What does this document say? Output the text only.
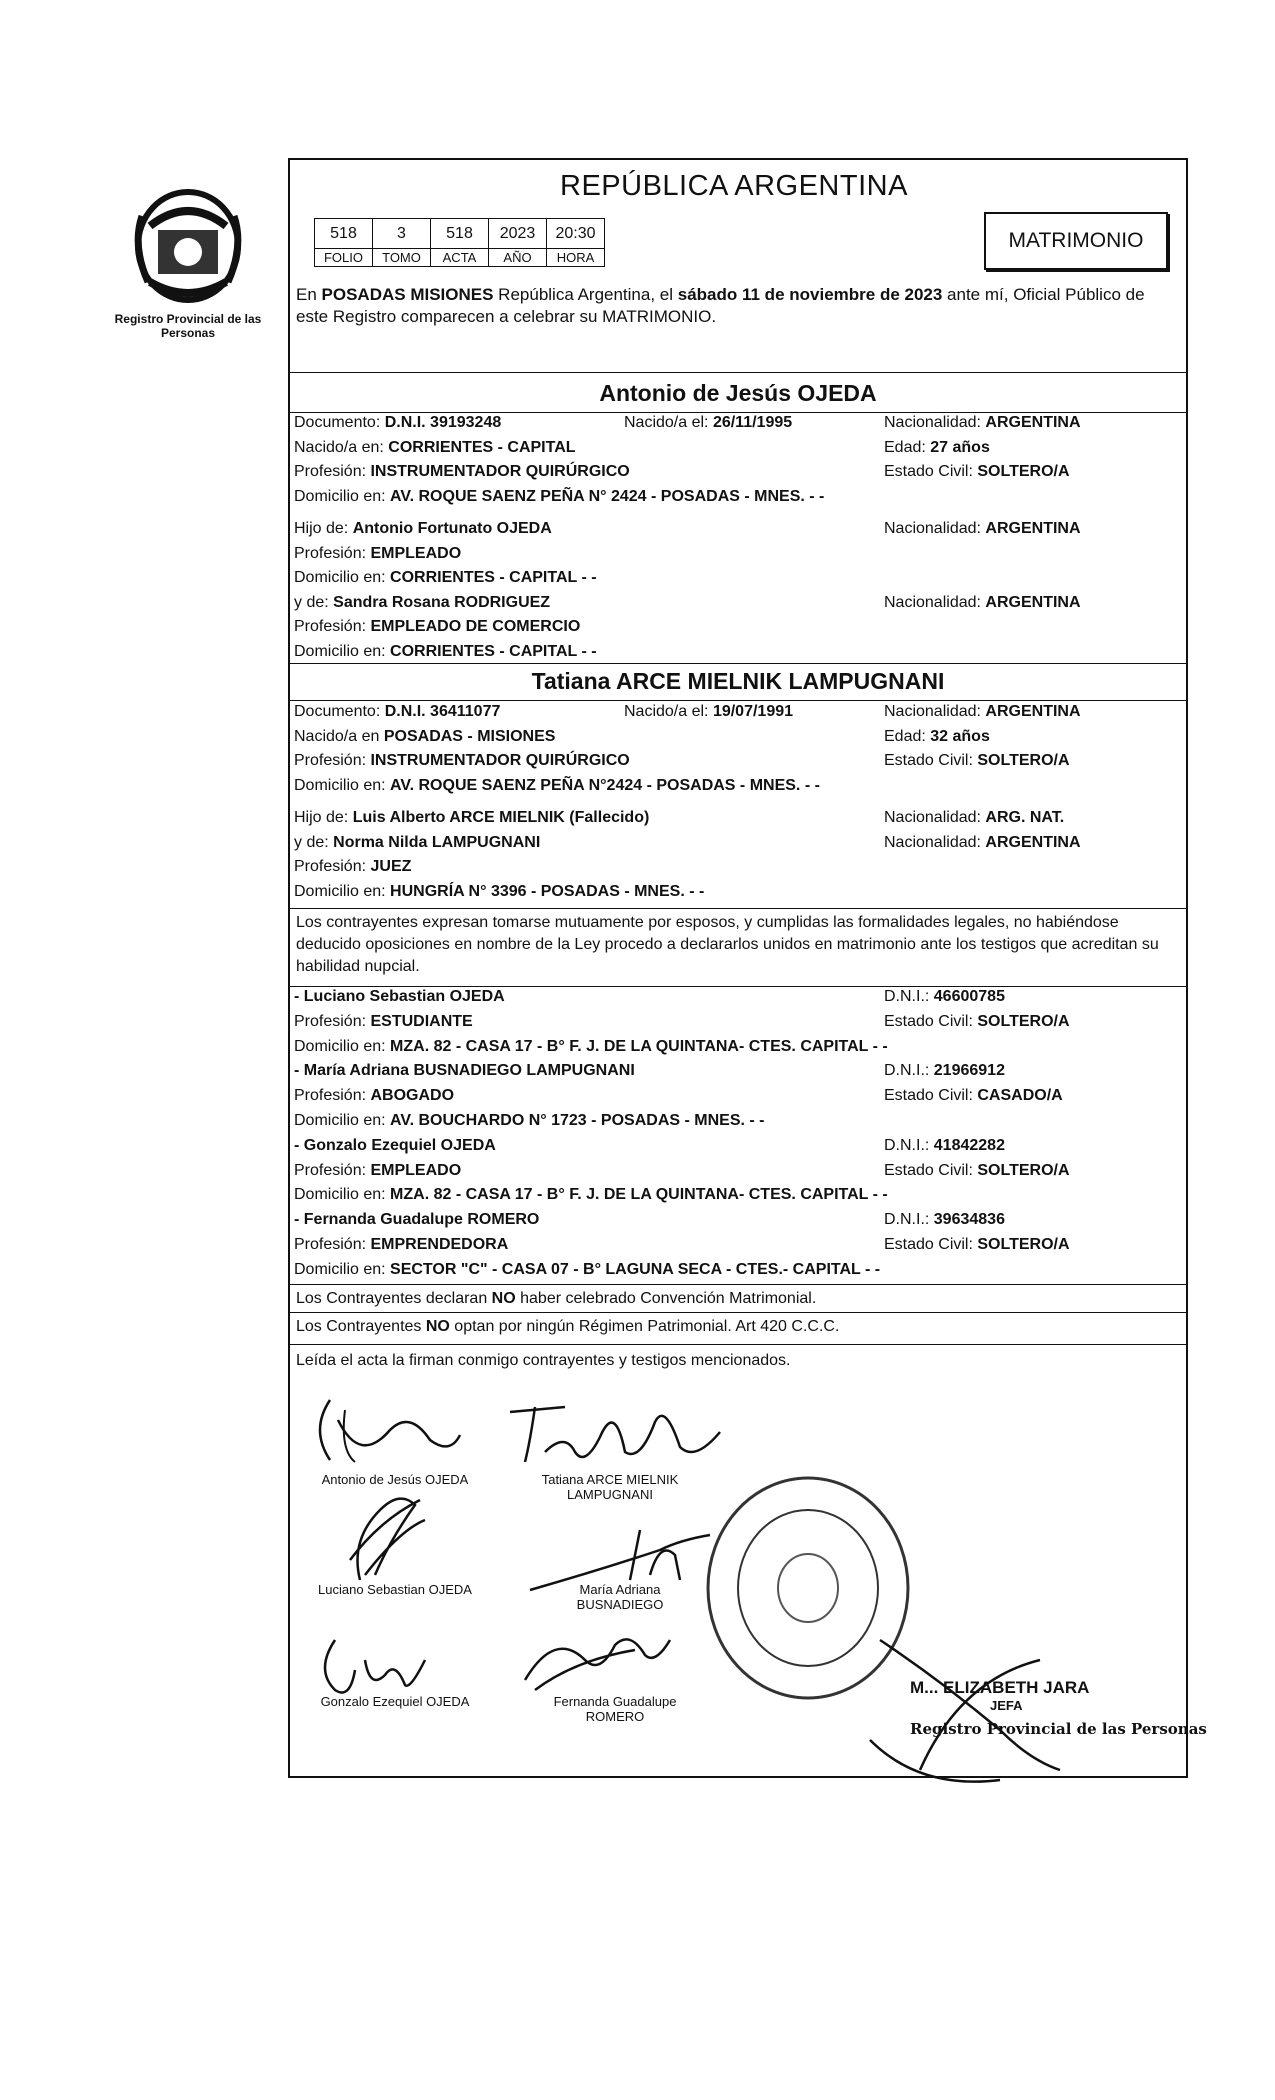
Registro Provincial de las Personas
REPÚBLICA ARGENTINA
518	3	518	2023	20:30
FOLIO	TOMO	ACTA	AÑO	HORA
MATRIMONIO
En POSADAS MISIONES República Argentina, el sábado 11 de noviembre de 2023 ante mí, Oficial Público de este Registro comparecen a celebrar su MATRIMONIO.
Antonio de Jesús OJEDA
Tatiana ARCE MIELNIK LAMPUGNANI
Los contrayentes expresan tomarse mutuamente por esposos, y cumplidas las formalidades legales, no habiéndose deducido oposiciones en nombre de la Ley procedo a declararlos unidos en matrimonio ante los testigos que acreditan su habilidad nupcial.
Los Contrayentes declaran NO haber celebrado Convención Matrimonial.
Los Contrayentes NO optan por ningún Régimen Patrimonial. Art 420 C.C.C.
Leída el acta la firman conmigo contrayentes y testigos mencionados.
Documento: D.N.I. 39193248	Nacido/a el: 26/11/1995	Nacionalidad: ARGENTINA
Nacido/a en: CORRIENTES - CAPITAL	Edad: 27 años
Profesión: INSTRUMENTADOR QUIRÚRGICO	Estado Civil: SOLTERO/A
Domicilio en: AV. ROQUE SAENZ PEÑA N° 2424 - POSADAS - MNES. - -
Hijo de: Antonio Fortunato OJEDA	Nacionalidad: ARGENTINA
Profesión: EMPLEADO
Domicilio en: CORRIENTES - CAPITAL - -
y de: Sandra Rosana RODRIGUEZ	Nacionalidad: ARGENTINA
Profesión: EMPLEADO DE COMERCIO
Domicilio en: CORRIENTES - CAPITAL - -
Documento: D.N.I. 36411077	Nacido/a el: 19/07/1991	Nacionalidad: ARGENTINA
Nacido/a en POSADAS - MISIONES	Edad: 32 años
Profesión: INSTRUMENTADOR QUIRÚRGICO	Estado Civil: SOLTERO/A
Domicilio en: AV. ROQUE SAENZ PEÑA N°2424 - POSADAS - MNES. - -
Hijo de: Luis Alberto ARCE MIELNIK (Fallecido)	Nacionalidad: ARG. NAT.
y de: Norma Nilda LAMPUGNANI	Nacionalidad: ARGENTINA
Profesión: JUEZ
Domicilio en: HUNGRÍA N° 3396 - POSADAS - MNES. - -
- Luciano Sebastian OJEDA	D.N.I.: 46600785
Profesión: ESTUDIANTE	Estado Civil: SOLTERO/A
Domicilio en: MZA. 82 - CASA 17 - B° F. J. DE LA QUINTANA- CTES. CAPITAL - -
- María Adriana BUSNADIEGO LAMPUGNANI	D.N.I.: 21966912
Profesión: ABOGADO	Estado Civil: CASADO/A
Domicilio en: AV. BOUCHARDO N° 1723 - POSADAS - MNES. - -
- Gonzalo Ezequiel OJEDA	D.N.I.: 41842282
Profesión: EMPLEADO	Estado Civil: SOLTERO/A
Domicilio en: MZA. 82 - CASA 17 - B° F. J. DE LA QUINTANA- CTES. CAPITAL - -
- Fernanda Guadalupe ROMERO	D.N.I.: 39634836
Profesión: EMPRENDEDORA	Estado Civil: SOLTERO/A
Domicilio en: SECTOR "C" - CASA 07 - B° LAGUNA SECA - CTES.- CAPITAL - -
Antonio de Jesús OJEDA	Tatiana ARCE MIELNIK LAMPUGNANI
Luciano Sebastian OJEDA	María Adriana BUSNADIEGO
Gonzalo Ezequiel OJEDA	Fernanda Guadalupe ROMERO
M... ELIZABETH JARA
JEFA
Registro Provincial de las Personas
